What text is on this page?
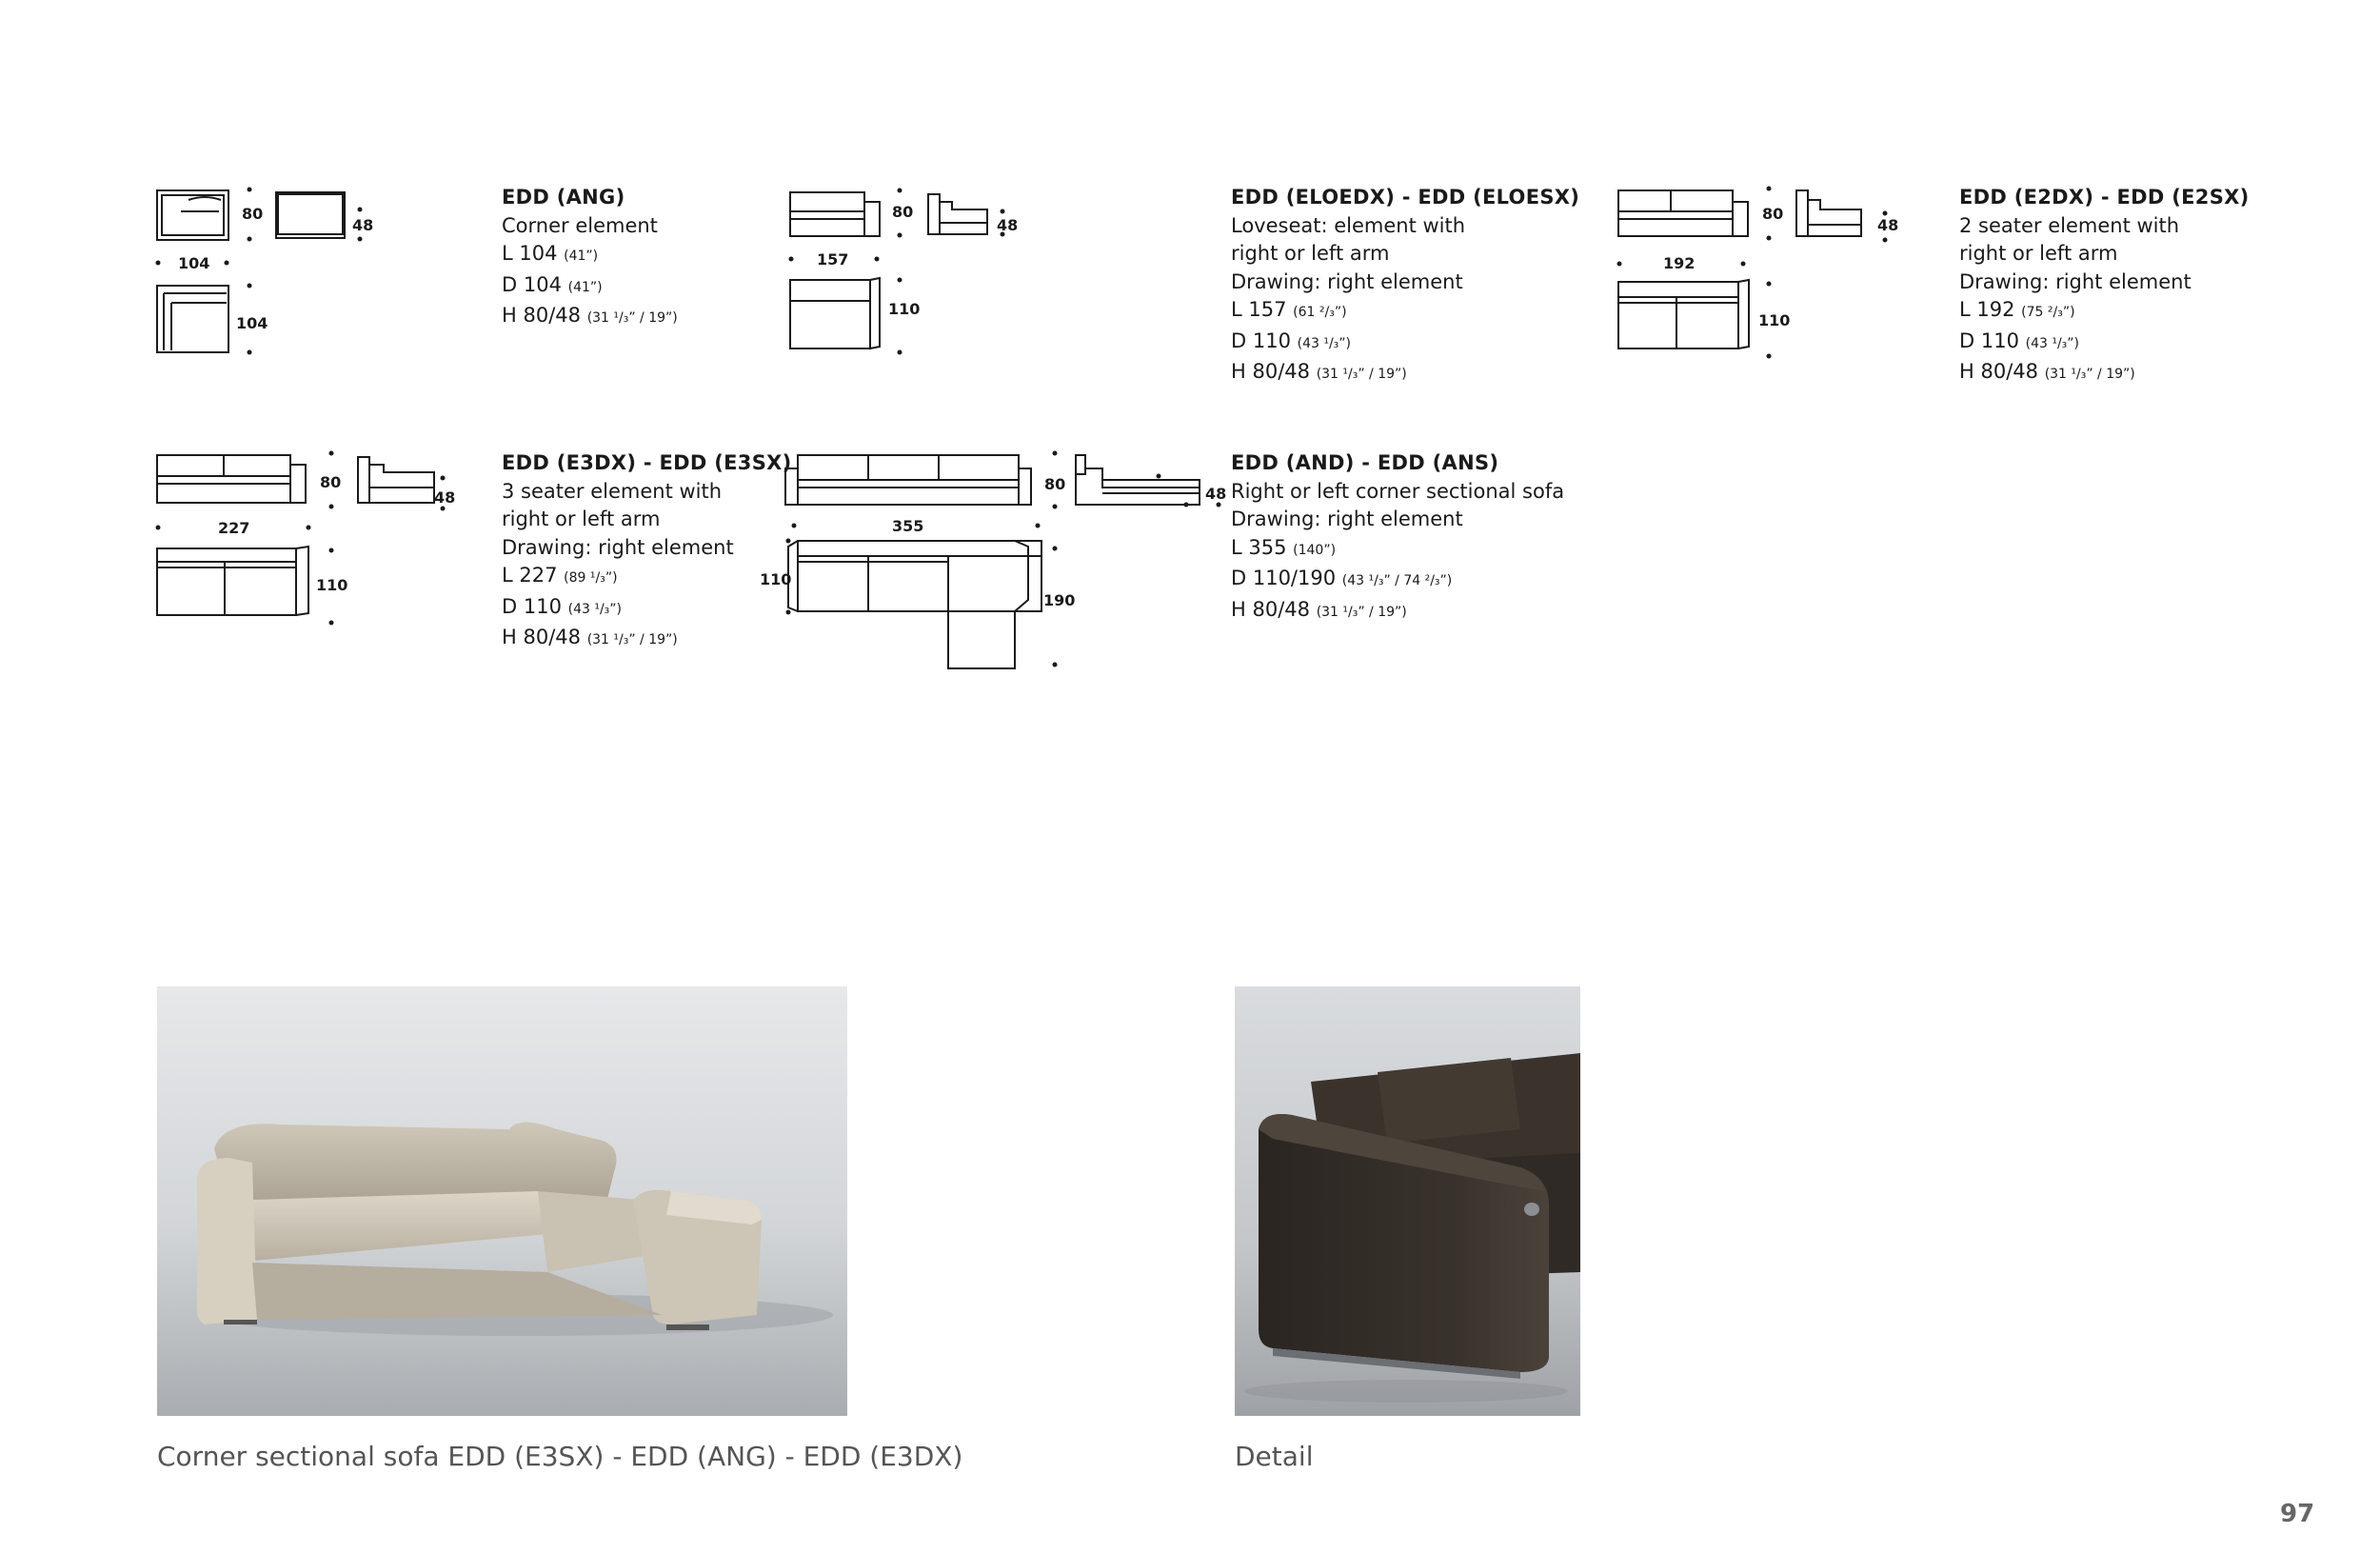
80
48
104
104
80
48
157
110
80
48
192
110
80
48
227
110
80
48
355
110
190
EDD (ANG)
Corner element
L 104 (41”)
D 104 (41”)
H 80/48 (31 ¹/₃” / 19”)
EDD (ELOEDX) - EDD (ELOESX)
Loveseat: element with
right or left arm
Drawing: right element
L 157 (61 ²/₃”)
D 110 (43 ¹/₃”)
H 80/48 (31 ¹/₃” / 19”)
EDD (E2DX) - EDD (E2SX)
2 seater element with
right or left arm
Drawing: right element
L 192 (75 ²/₃”)
D 110 (43 ¹/₃”)
H 80/48 (31 ¹/₃” / 19”)
EDD (E3DX) - EDD (E3SX)
3 seater element with
right or left arm
Drawing: right element
L 227 (89 ¹/₃”)
D 110 (43 ¹/₃”)
H 80/48 (31 ¹/₃” / 19”)
EDD (AND) - EDD (ANS)
Right or left corner sectional sofa
Drawing: right element
L 355 (140”)
D 110/190 (43 ¹/₃” / 74 ²/₃”)
H 80/48 (31 ¹/₃” / 19”)
Corner sectional sofa EDD (E3SX) - EDD (ANG) - EDD (E3DX)	Detail
97
